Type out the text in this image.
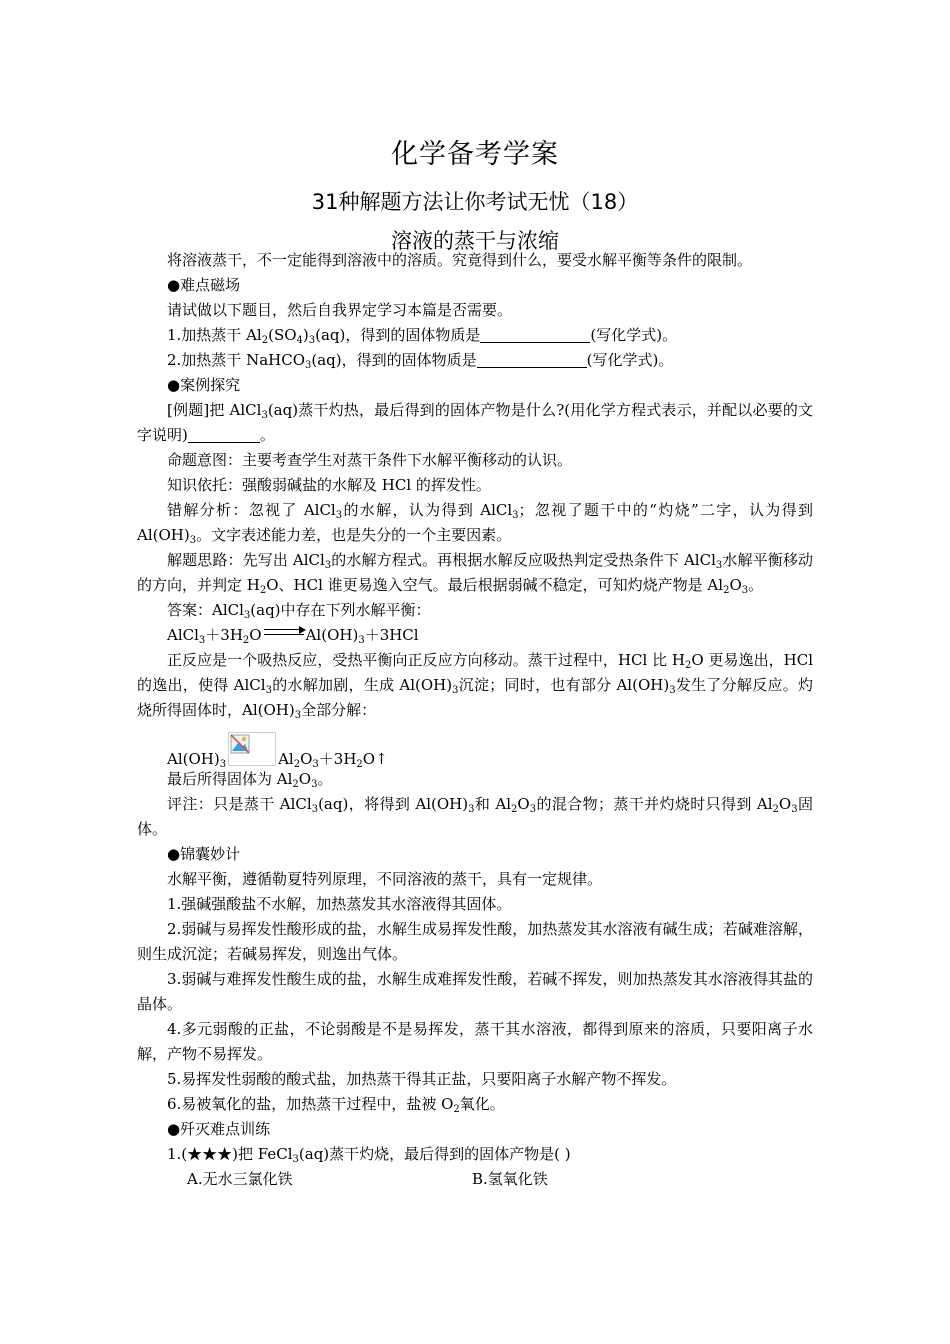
化学备考学案
31种解题方法让你考试无忧（18）
溶液的蒸干与浓缩

将溶液蒸干，不一定能得到溶液中的溶质。究竟得到什么，要受水解平衡等条件的限制。

●难点磁场

请试做以下题目，然后自我界定学习本篇是否需要。

1.加热蒸干 $Al_2(SO_4)_3(aq)$，得到的固体物质是	(写化学式)。

2.加热蒸干 NaHCO$_3$(aq)，得到的固体物质是	(写化学式)。

●案例探究

[例题]把 AlCl$_3$(aq)蒸干灼热，最后得到的固体产物是什么?(用化学方程式表示，并配以必要的文字说明)	。

命题意图：主要考查学生对蒸干条件下水解平衡移动的认识。

知识依托：强酸弱碱盐的水解及 HCl 的挥发性。

错解分析：忽视了 AlCl$_3$的水解，认为得到 AlCl$_3$；忽视了题干中的“灼烧”二字，认为得到 $Al(OH)_3$。文字表述能力差，也是失分的一个主要因素。

解题思路：先写出 AlCl$_3$的水解方程式。再根据水解反应吸热判定受热条件下 AlCl$_3$水解平衡移动的方向，并判定 $H_2O$、HCl 谁更易逸入空气。最后根据弱碱不稳定，可知灼烧产物是 $Al_2O_3$。

答案：AlCl$_3$(aq)中存在下列水解平衡：

$AlCl_3+3H_2O$	$Al(OH)_3+3HCl$

正反应是一个吸热反应，受热平衡向正反应方向移动。蒸干过程中，HCl 比 $H_2O$ 更易逸出，HCl 的逸出，使得 AlCl$_3$的水解加剧，生成 $Al(OH)_3$沉淀；同时，也有部分 $Al(OH)_3$发生了分解反应。灼烧所得固体时，$Al(OH)_3$全部分解：

$Al(OH)_3$	$Al_2O_3+3H_2O↑$

最后所得固体为 $Al_2O_3$。

评注：只是蒸干 AlCl$_3$(aq)，将得到 $Al(OH)_3$和 $Al_2O_3$的混合物；蒸干并灼烧时只得到 $Al_2O_3$固体。

●锦囊妙计

水解平衡，遵循勒夏特列原理，不同溶液的蒸干，具有一定规律。

1.强碱强酸盐不水解，加热蒸发其水溶液得其固体。

2.弱碱与易挥发性酸形成的盐，水解生成易挥发性酸，加热蒸发其水溶液有碱生成；若碱难溶解，则生成沉淀；若碱易挥发，则逸出气体。

3.弱碱与难挥发性酸生成的盐，水解生成难挥发性酸，若碱不挥发，则加热蒸发其水溶液得其盐的晶体。

4.多元弱酸的正盐，不论弱酸是不是易挥发，蒸干其水溶液，都得到原来的溶质，只要阳离子水解，产物不易挥发。

5.易挥发性弱酸的酸式盐，加热蒸干得其正盐，只要阳离子水解产物不挥发。

6.易被氧化的盐，加热蒸干过程中，盐被 $O_2$氧化。

●歼灭难点训练

1.(★★★)把 FeCl$_3$(aq)蒸干灼烧，最后得到的固体产物是( )

A.无水三氯化铁	B.氢氧化铁
